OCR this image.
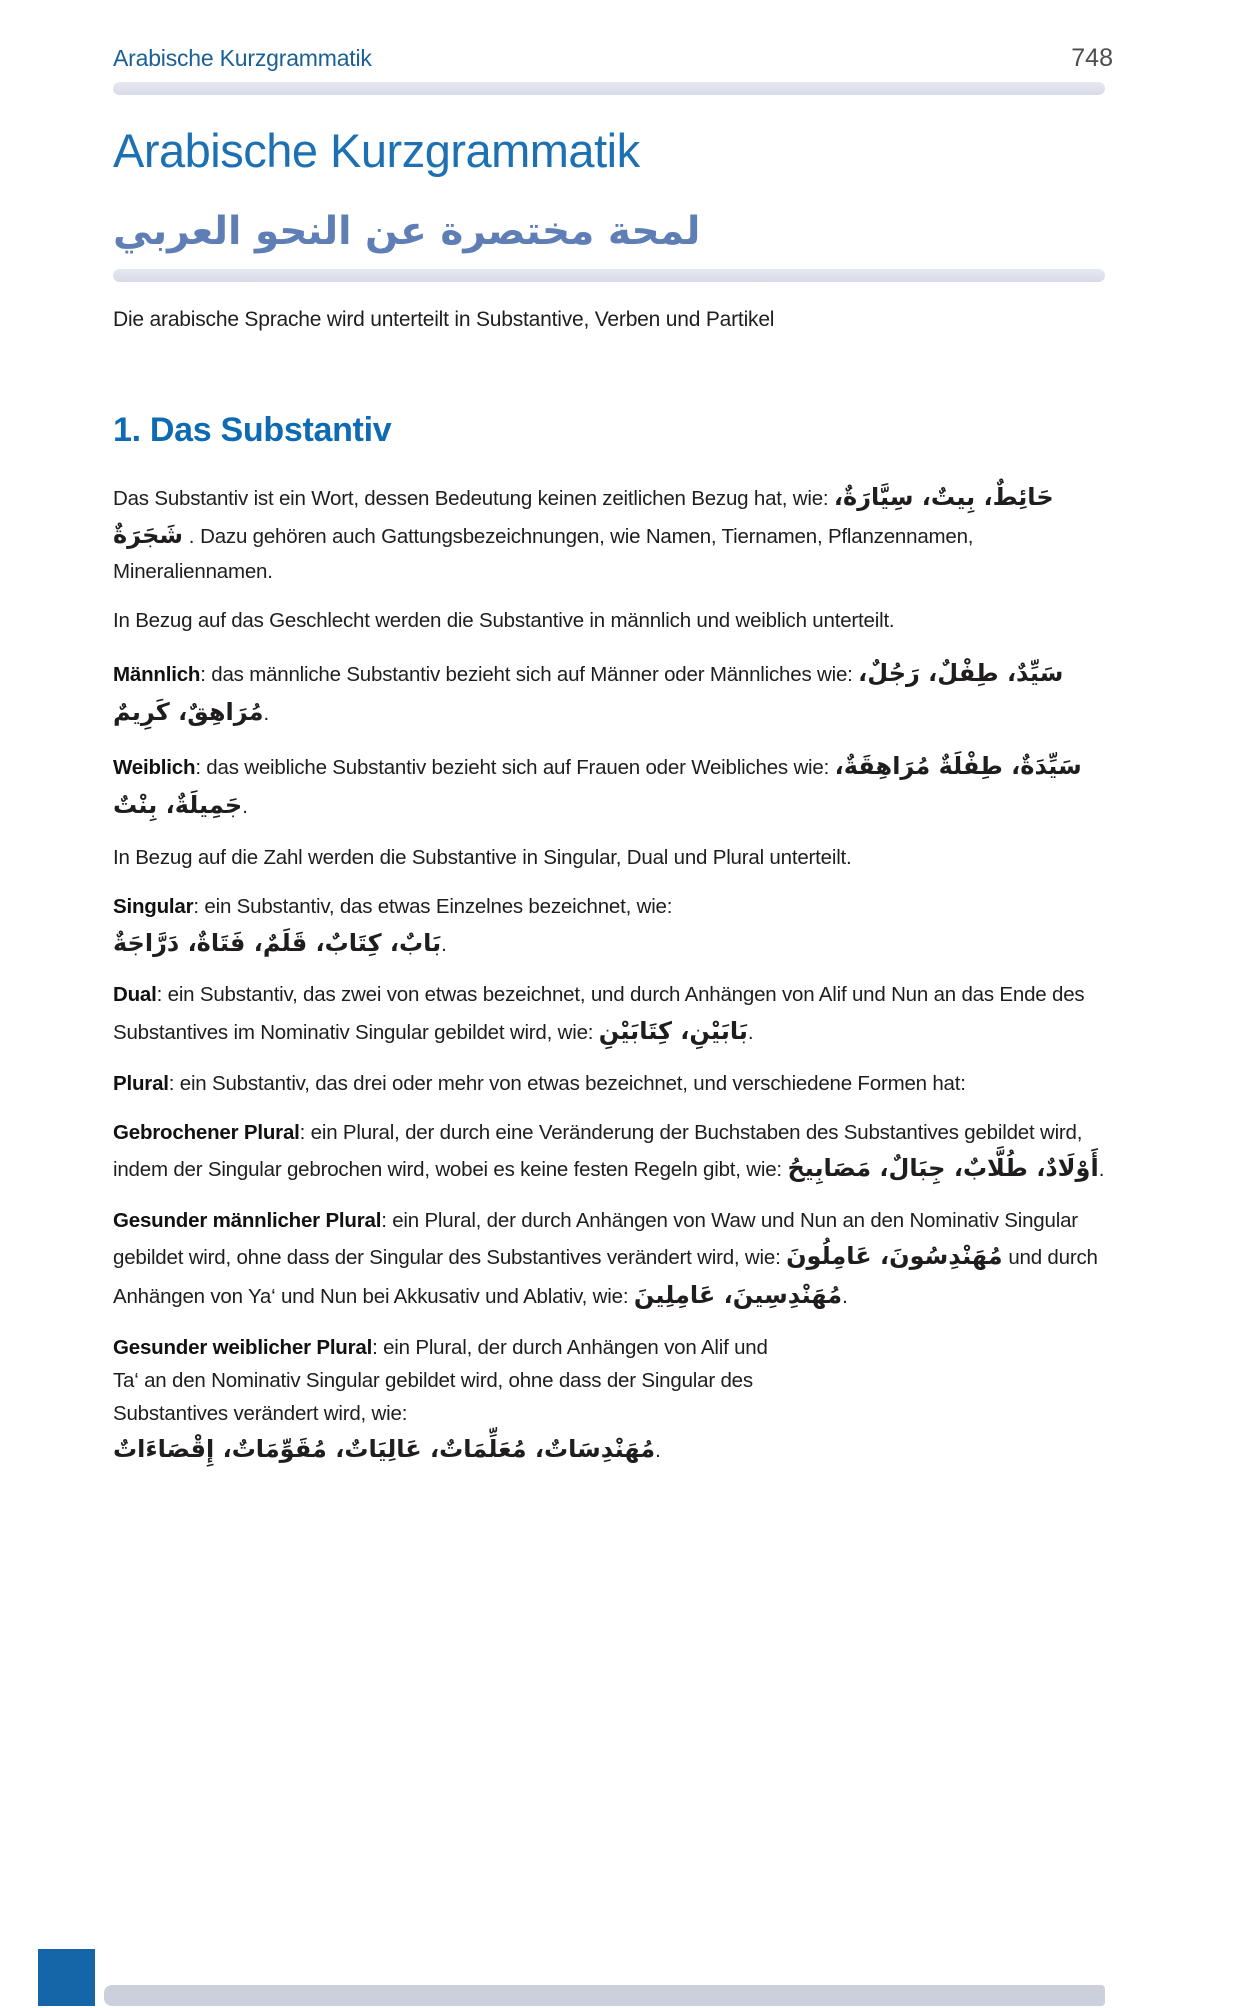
Arabische Kurzgrammatik	748
Arabische Kurzgrammatik
لمحة مختصرة عن النحو العربي

Die arabische Sprache wird unterteilt in Substantive, Verben und Partikel

1. Das Substantiv

Das Substantiv ist ein Wort, dessen Bedeutung keinen zeitlichen Bezug hat, wie: حَائِطٌ، بِيتٌ، سِيَّارَةٌ، شَجَرَةٌ . Dazu gehören auch Gattungsbezeichnungen, wie Namen, Tiernamen, Pflanzennamen, Mineraliennamen.

In Bezug auf das Geschlecht werden die Substantive in männlich und weiblich unterteilt.

Männlich: das männliche Substantiv bezieht sich auf Männer oder Männliches wie: سَيِّدٌ، طِفْلٌ، رَجُلٌ، مُرَاهِقٌ، كَرِيمٌ.

Weiblich: das weibliche Substantiv bezieht sich auf Frauen oder Weibliches wie: سَيِّدَةٌ، طِفْلَةٌ مُرَاهِقَةٌ، جَمِيلَةٌ، بِنْتٌ.

In Bezug auf die Zahl werden die Substantive in Singular, Dual und Plural unterteilt.

Singular: ein Substantiv, das etwas Einzelnes bezeichnet, wie:
بَابٌ، كِتَابٌ، قَلَمٌ، فَتَاةٌ، دَرَّاجَةٌ.

Dual: ein Substantiv, das zwei von etwas bezeichnet, und durch Anhängen von Alif und Nun an das Ende des Substantives im Nominativ Singular gebildet wird, wie: بَابَيْنِ، كِتَابَيْنِ.

Plural: ein Substantiv, das drei oder mehr von etwas bezeichnet, und verschiedene Formen hat:

Gebrochener Plural: ein Plural, der durch eine Veränderung der Buchstaben des Substantives gebildet wird, indem der Singular gebrochen wird, wobei es keine festen Regeln gibt, wie: أَوْلَادٌ، طُلَّابٌ، جِبَالٌ، مَصَابِيحُ.

Gesunder männlicher Plural: ein Plural, der durch Anhängen von Waw und Nun an den Nominativ Singular gebildet wird, ohne dass der Singular des Substantives verändert wird, wie: مُهَنْدِسُونَ، عَامِلُونَ und durch Anhängen von Ya‘ und Nun bei Akkusativ und Ablativ, wie: مُهَنْدِسِينَ، عَامِلِينَ.

Gesunder weiblicher Plural: ein Plural, der durch Anhängen von Alif und Ta‘ an den Nominativ Singular gebildet wird, ohne dass der Singular des Substantives verändert wird, wie:
مُهَنْدِسَاتٌ، مُعَلِّمَاتٌ، عَالِيَاتٌ، مُقَوِّمَاتٌ، إِقْصَاءَاتٌ.
